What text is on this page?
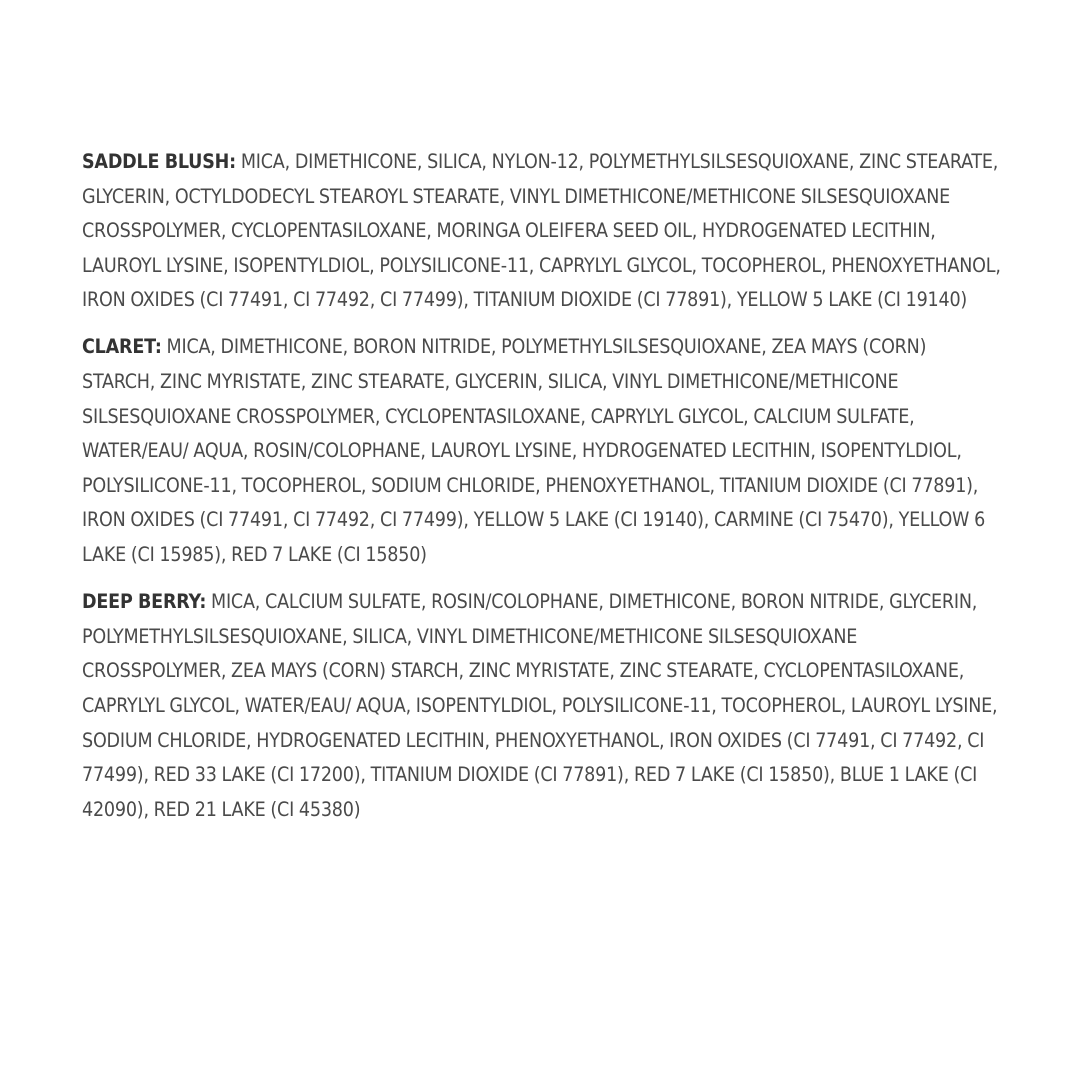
SADDLE BLUSH: MICA, DIMETHICONE, SILICA, NYLON-12, POLYMETHYLSILSESQUIOXANE, ZINC STEARATE, GLYCERIN, OCTYLDODECYL STEAROYL STEARATE, VINYL DIMETHICONE/METHICONE SILSESQUIOXANE CROSSPOLYMER, CYCLOPENTASILOXANE, MORINGA OLEIFERA SEED OIL, HYDROGENATED LECITHIN, LAUROYL LYSINE, ISOPENTYLDIOL, POLYSILICONE-11, CAPRYLYL GLYCOL, TOCOPHEROL, PHENOXYETHANOL, IRON OXIDES (CI 77491, CI 77492, CI 77499), TITANIUM DIOXIDE (CI 77891), YELLOW 5 LAKE (CI 19140)

CLARET: MICA, DIMETHICONE, BORON NITRIDE, POLYMETHYLSILSESQUIOXANE, ZEA MAYS (CORN) STARCH, ZINC MYRISTATE, ZINC STEARATE, GLYCERIN, SILICA, VINYL DIMETHICONE/METHICONE SILSESQUIOXANE CROSSPOLYMER, CYCLOPENTASILOXANE, CAPRYLYL GLYCOL, CALCIUM SULFATE, WATER/EAU/ AQUA, ROSIN/COLOPHANE, LAUROYL LYSINE, HYDROGENATED LECITHIN, ISOPENTYLDIOL, POLYSILICONE-11, TOCOPHEROL, SODIUM CHLORIDE, PHENOXYETHANOL, TITANIUM DIOXIDE (CI 77891), IRON OXIDES (CI 77491, CI 77492, CI 77499), YELLOW 5 LAKE (CI 19140), CARMINE (CI 75470), YELLOW 6 LAKE (CI 15985), RED 7 LAKE (CI 15850)

DEEP BERRY: MICA, CALCIUM SULFATE, ROSIN/COLOPHANE, DIMETHICONE, BORON NITRIDE, GLYCERIN, POLYMETHYLSILSESQUIOXANE, SILICA, VINYL DIMETHICONE/METHICONE SILSESQUIOXANE CROSSPOLYMER, ZEA MAYS (CORN) STARCH, ZINC MYRISTATE, ZINC STEARATE, CYCLOPENTASILOXANE, CAPRYLYL GLYCOL, WATER/EAU/ AQUA, ISOPENTYLDIOL, POLYSILICONE-11, TOCOPHEROL, LAUROYL LYSINE, SODIUM CHLORIDE, HYDROGENATED LECITHIN, PHENOXYETHANOL, IRON OXIDES (CI 77491, CI 77492, CI 77499), RED 33 LAKE (CI 17200), TITANIUM DIOXIDE (CI 77891), RED 7 LAKE (CI 15850), BLUE 1 LAKE (CI 42090), RED 21 LAKE (CI 45380)
